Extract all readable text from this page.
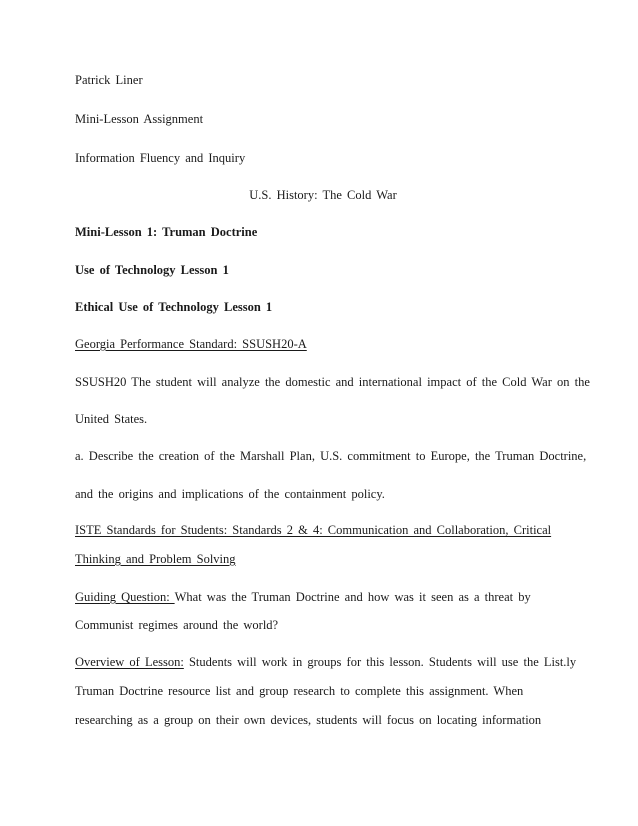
Patrick Liner
Mini-Lesson Assignment
Information Fluency and Inquiry
U.S. History: The Cold War
Mini-Lesson 1: Truman Doctrine
Use of Technology Lesson 1
Ethical Use of Technology Lesson 1
Georgia Performance Standard: SSUSH20-A
SSUSH20 The student will analyze the domestic and international impact of the Cold War on the
United States.
a. Describe the creation of the Marshall Plan, U.S. commitment to Europe, the Truman Doctrine,
and the origins and implications of the containment policy.
ISTE Standards for Students: Standards 2 & 4: Communication and Collaboration, Critical
Thinking and Problem Solving
Guiding Question: What was the Truman Doctrine and how was it seen as a threat by
Communist regimes around the world?
Overview of Lesson: Students will work in groups for this lesson. Students will use the List.ly
Truman Doctrine resource list and group research to complete this assignment. When
researching as a group on their own devices, students will focus on locating information
